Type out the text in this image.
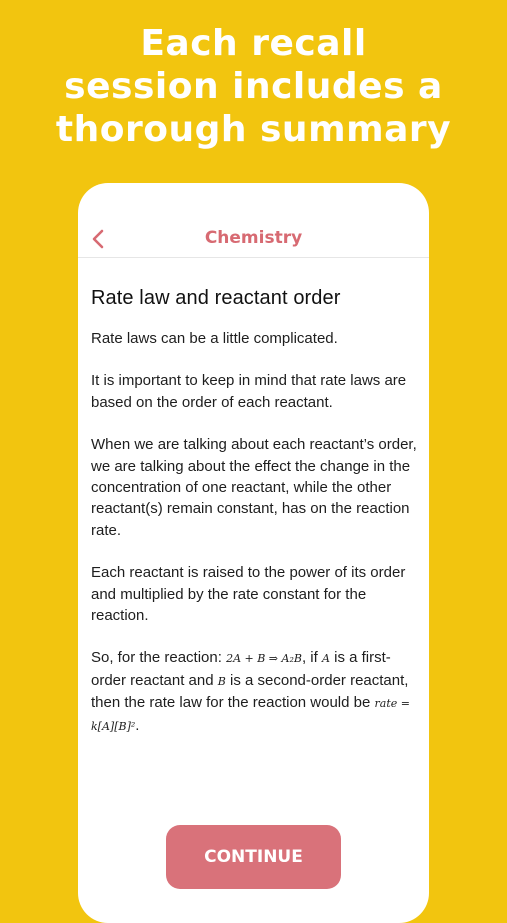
Each recall
session includes a
thorough summary
Chemistry
Rate law and reactant order

Rate laws can be a little complicated.

It is important to keep in mind that rate laws are based on the order of each reactant.

When we are talking about each reactant’s order, we are talking about the effect the change in the concentration of one reactant, while the other reactant(s) remain constant, has on the reaction rate.

Each reactant is raised to the power of its order and multiplied by the rate constant for the reaction.

So, for the reaction: 2A + B ⇒ A₂B, if A is a first-order reactant and B is a second-order reactant, then the rate law for the reaction would be rate = k[A][B]².

CONTINUE
